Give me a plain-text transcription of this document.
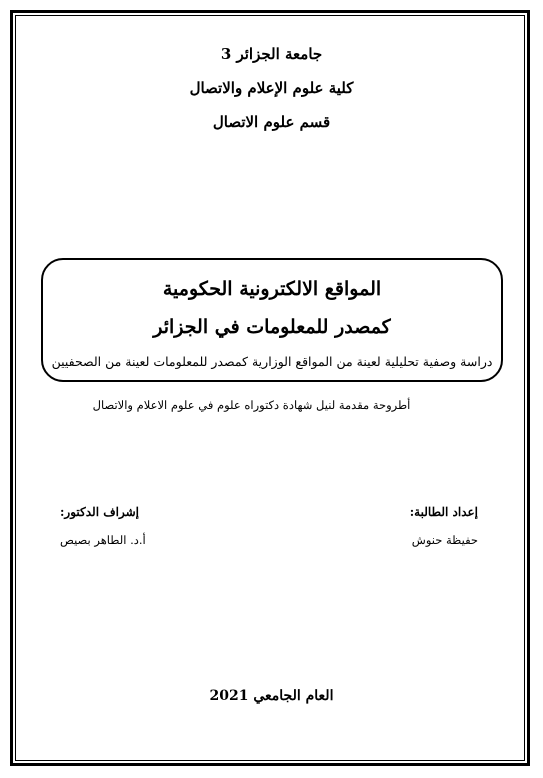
جامعة الجزائر 3
كلية علوم الإعلام والاتصال
قسم علوم الاتصال
المواقع الالكترونية الحكومية
كمصدر للمعلومات في الجزائر
دراسة وصفية تحليلية لعينة من المواقع الوزارية كمصدر للمعلومات لعينة من الصحفيين
أطروحة مقدمة لنيل شهادة دكتوراه علوم في علوم الاعلام والاتصال
إعداد الطالبة:
حفيظة حنوش
إشراف الدكتور:
أ.د. الطاهر بصيص
العام الجامعي 2021
